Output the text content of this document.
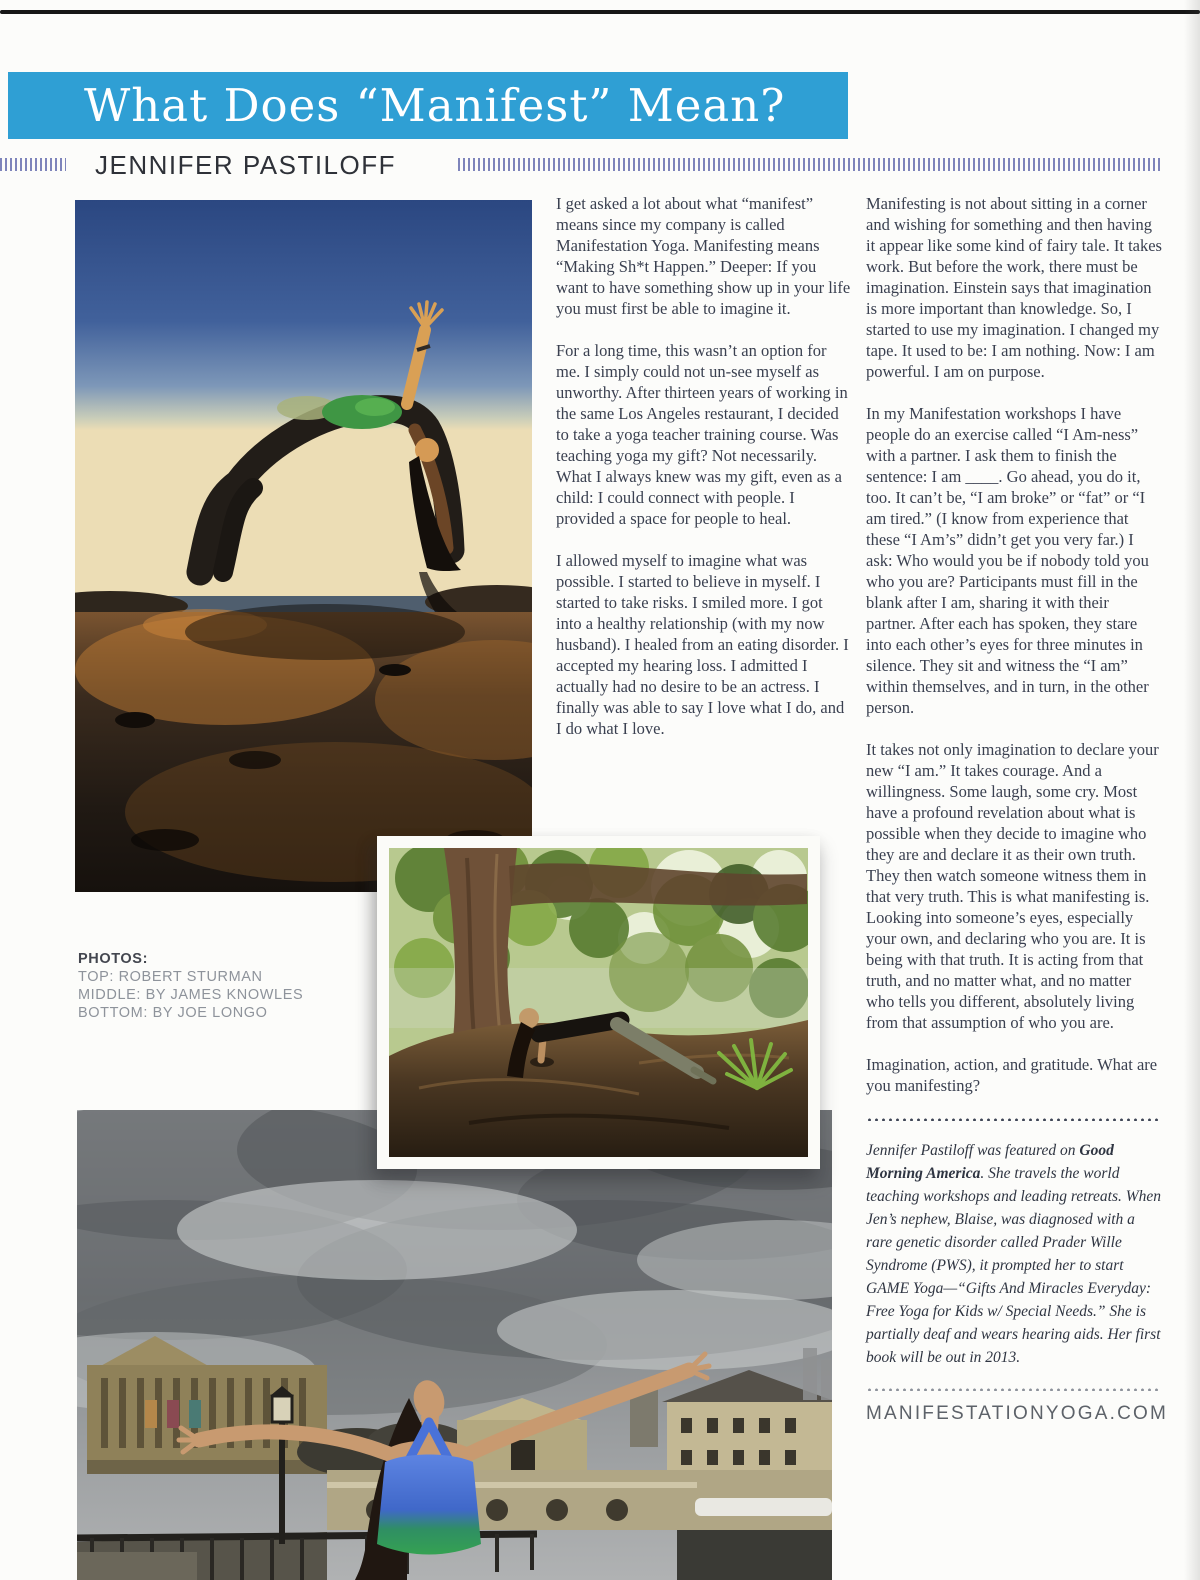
What Does “Manifest” Mean?
JENNIFER PASTILOFF

I get asked a lot about what “manifest” means since my company is called Manifestation Yoga. Manifesting means “Making Sh*t Happen.” Deeper: If you want to have something show up in your life you must first be able to imagine it.

For a long time, this wasn’t an option for me. I simply could not un-see myself as unworthy. After thirteen years of working in the same Los Angeles restaurant, I decided to take a yoga teacher training course. Was teaching yoga my gift? Not necessarily. What I always knew was my gift, even as a child: I could connect with people. I provided a space for people to heal.

I allowed myself to imagine what was possible. I started to believe in myself. I started to take risks. I smiled more. I got into a healthy relationship (with my now husband). I healed from an eating disorder. I accepted my hearing loss. I admitted I actually had no desire to be an actress. I finally was able to say I love what I do, and I do what I love.

Manifesting is not about sitting in a corner and wishing for something and then having it appear like some kind of fairy tale. It takes work. But before the work, there must be imagination. Einstein says that imagination is more important than knowledge. So, I started to use my imagination. I changed my tape. It used to be: I am nothing. Now: I am powerful. I am on purpose.

In my Manifestation workshops I have people do an exercise called “I Am-ness” with a partner. I ask them to finish the sentence: I am ____. Go ahead, you do it, too. It can’t be, “I am broke” or “fat” or “I am tired.” (I know from experience that these “I Am’s” didn’t get you very far.) I ask: Who would you be if nobody told you who you are? Participants must fill in the blank after I am, sharing it with their partner. After each has spoken, they stare into each other’s eyes for three minutes in silence. They sit and witness the “I am” within themselves, and in turn, in the other person.

It takes not only imagination to declare your new “I am.” It takes courage. And a willingness. Some laugh, some cry. Most have a profound revelation about what is possible when they decide to imagine who they are and declare it as their own truth. They then watch someone witness them in that very truth. This is what manifesting is. Looking into someone’s eyes, especially your own, and declaring who you are. It is being with that truth. It is acting from that truth, and no matter what, and no matter who tells you different, absolutely living from that assumption of who you are.

Imagination, action, and gratitude. What are you manifesting?

Jennifer Pastiloff was featured on Good Morning America. She travels the world teaching workshops and leading retreats. When Jen’s nephew, Blaise, was diagnosed with a rare genetic disorder called Prader Wille Syndrome (PWS), it prompted her to start GAME Yoga—“Gifts And Miracles Everyday: Free Yoga for Kids w/ Special Needs.” She is partially deaf and wears hearing aids. Her first book will be out in 2013.

MANIFESTATIONYOGA.COM

PHOTOS:

TOP: ROBERT STURMAN

MIDDLE: BY JAMES KNOWLES

BOTTOM: BY JOE LONGO
